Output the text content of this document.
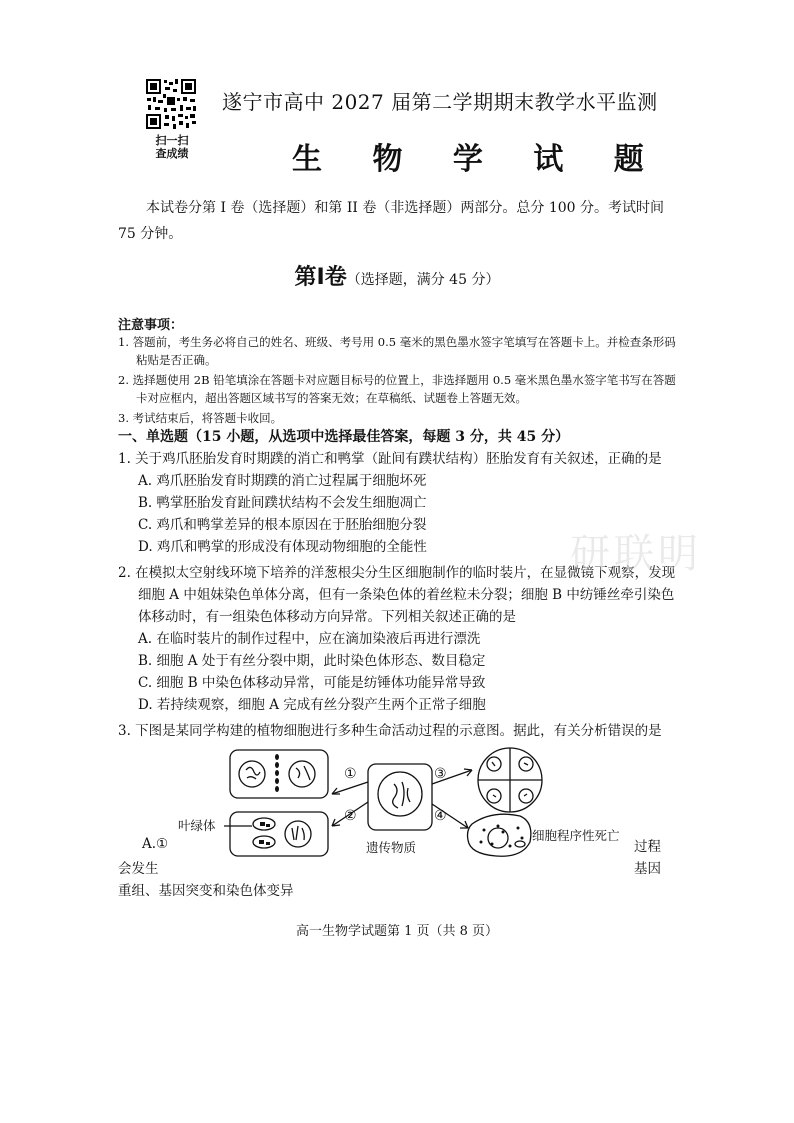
扫一扫
查成绩
遂宁市高中 2027 届第二学期期末教学水平监测
生 物 学 试 题
本试卷分第 I 卷（选择题）和第 II 卷（非选择题）两部分。总分 100 分。考试时间 75 分钟。
第Ⅰ卷（选择题，满分 45 分）
注意事项：
1. 答题前，考生务必将自己的姓名、班级、考号用 0.5 毫米的黑色墨水签字笔填写在答题卡上。并检查条形码粘贴是否正确。
2. 选择题使用 2B 铅笔填涂在答题卡对应题目标号的位置上，非选择题用 0.5 毫米黑色墨水签字笔书写在答题卡对应框内，超出答题区域书写的答案无效；在草稿纸、试题卷上答题无效。
3. 考试结束后，将答题卡收回。
一、单选题（15 小题，从选项中选择最佳答案，每题 3 分，共 45 分）
1. 关于鸡爪胚胎发育时期蹼的消亡和鸭掌（趾间有蹼状结构）胚胎发育有关叙述，正确的是
A. 鸡爪胚胎发育时期蹼的消亡过程属于细胞坏死
B. 鸭掌胚胎发育趾间蹼状结构不会发生细胞凋亡
C. 鸡爪和鸭掌差异的根本原因在于胚胎细胞分裂
D. 鸡爪和鸭掌的形成没有体现动物细胞的全能性
2. 在模拟太空射线环境下培养的洋葱根尖分生区细胞制作的临时装片，在显微镜下观察，发现细胞 A 中姐妹染色单体分离，但有一条染色体的着丝粒未分裂；细胞 B 中纺锤丝牵引染色体移动时，有一组染色体移动方向异常。下列相关叙述正确的是
A. 在临时装片的制作过程中，应在滴加染液后再进行漂洗
B. 细胞 A 处于有丝分裂中期，此时染色体形态、数目稳定
C. 细胞 B 中染色体移动异常，可能是纺锤体功能异常导致
D. 若持续观察，细胞 A 完成有丝分裂产生两个正常子细胞
3. 下图是某同学构建的植物细胞进行多种生命活动过程的示意图。据此，有关分析错误的是
①
②
③
④
叶绿体
遗传物质
细胞程序性死亡
A.①	过程
基因
会发生
重组、基因突变和染色体变异
研联明
高一生物学试题第 1 页（共 8 页）
